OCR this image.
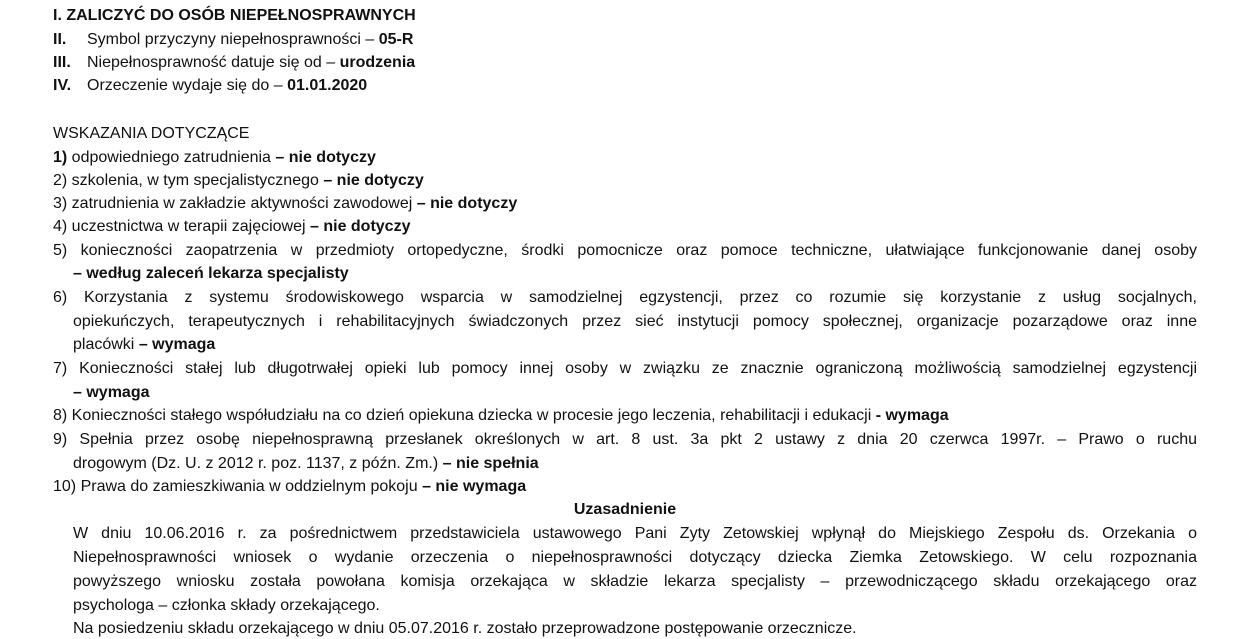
I. ZALICZYĆ DO OSÓB NIEPEŁNOSPRAWNYCH
II. Symbol przyczyny niepełnosprawności – 05-R
III. Niepełnosprawność datuje się od – urodzenia
IV. Orzeczenie wydaje się do – 01.01.2020
WSKAZANIA DOTYCZĄCE
1) odpowiedniego zatrudnienia – nie dotyczy
2) szkolenia, w tym specjalistycznego – nie dotyczy
3) zatrudnienia w zakładzie aktywności zawodowej – nie dotyczy
4) uczestnictwa w terapii zajęciowej – nie dotyczy
5) konieczności zaopatrzenia w przedmioty ortopedyczne, środki pomocnicze oraz pomoce techniczne, ułatwiające funkcjonowanie danej osoby
– według zaleceń lekarza specjalisty
6) Korzystania z systemu środowiskowego wsparcia w samodzielnej egzystencji, przez co rozumie się korzystanie z usług socjalnych,
opiekuńczych, terapeutycznych i rehabilitacyjnych świadczonych przez sieć instytucji pomocy społecznej, organizacje pozarządowe oraz inne
placówki – wymaga
7) Konieczności stałej lub długotrwałej opieki lub pomocy innej osoby w związku ze znacznie ograniczoną możliwością samodzielnej egzystencji
– wymaga
8) Konieczności stałego współudziału na co dzień opiekuna dziecka w procesie jego leczenia, rehabilitacji i edukacji - wymaga
9) Spełnia przez osobę niepełnosprawną przesłanek określonych w art. 8 ust. 3a pkt 2 ustawy z dnia 20 czerwca 1997r. – Prawo o ruchu
drogowym (Dz. U. z 2012 r. poz. 1137, z późn. Zm.) – nie spełnia
10) Prawa do zamieszkiwania w oddzielnym pokoju – nie wymaga
Uzasadnienie
W dniu 10.06.2016 r. za pośrednictwem przedstawiciela ustawowego Pani Zyty Zetowskiej wpłynął do Miejskiego Zespołu ds. Orzekania o
Niepełnosprawności wniosek o wydanie orzeczenia o niepełnosprawności dotyczący dziecka Ziemka Zetowskiego. W celu rozpoznania
powyższego wniosku została powołana komisja orzekająca w składzie lekarza specjalisty – przewodniczącego składu orzekającego oraz
psychologa – członka składy orzekającego.
Na posiedzeniu składu orzekającego w dniu 05.07.2016 r. zostało przeprowadzone postępowanie orzecznicze.
